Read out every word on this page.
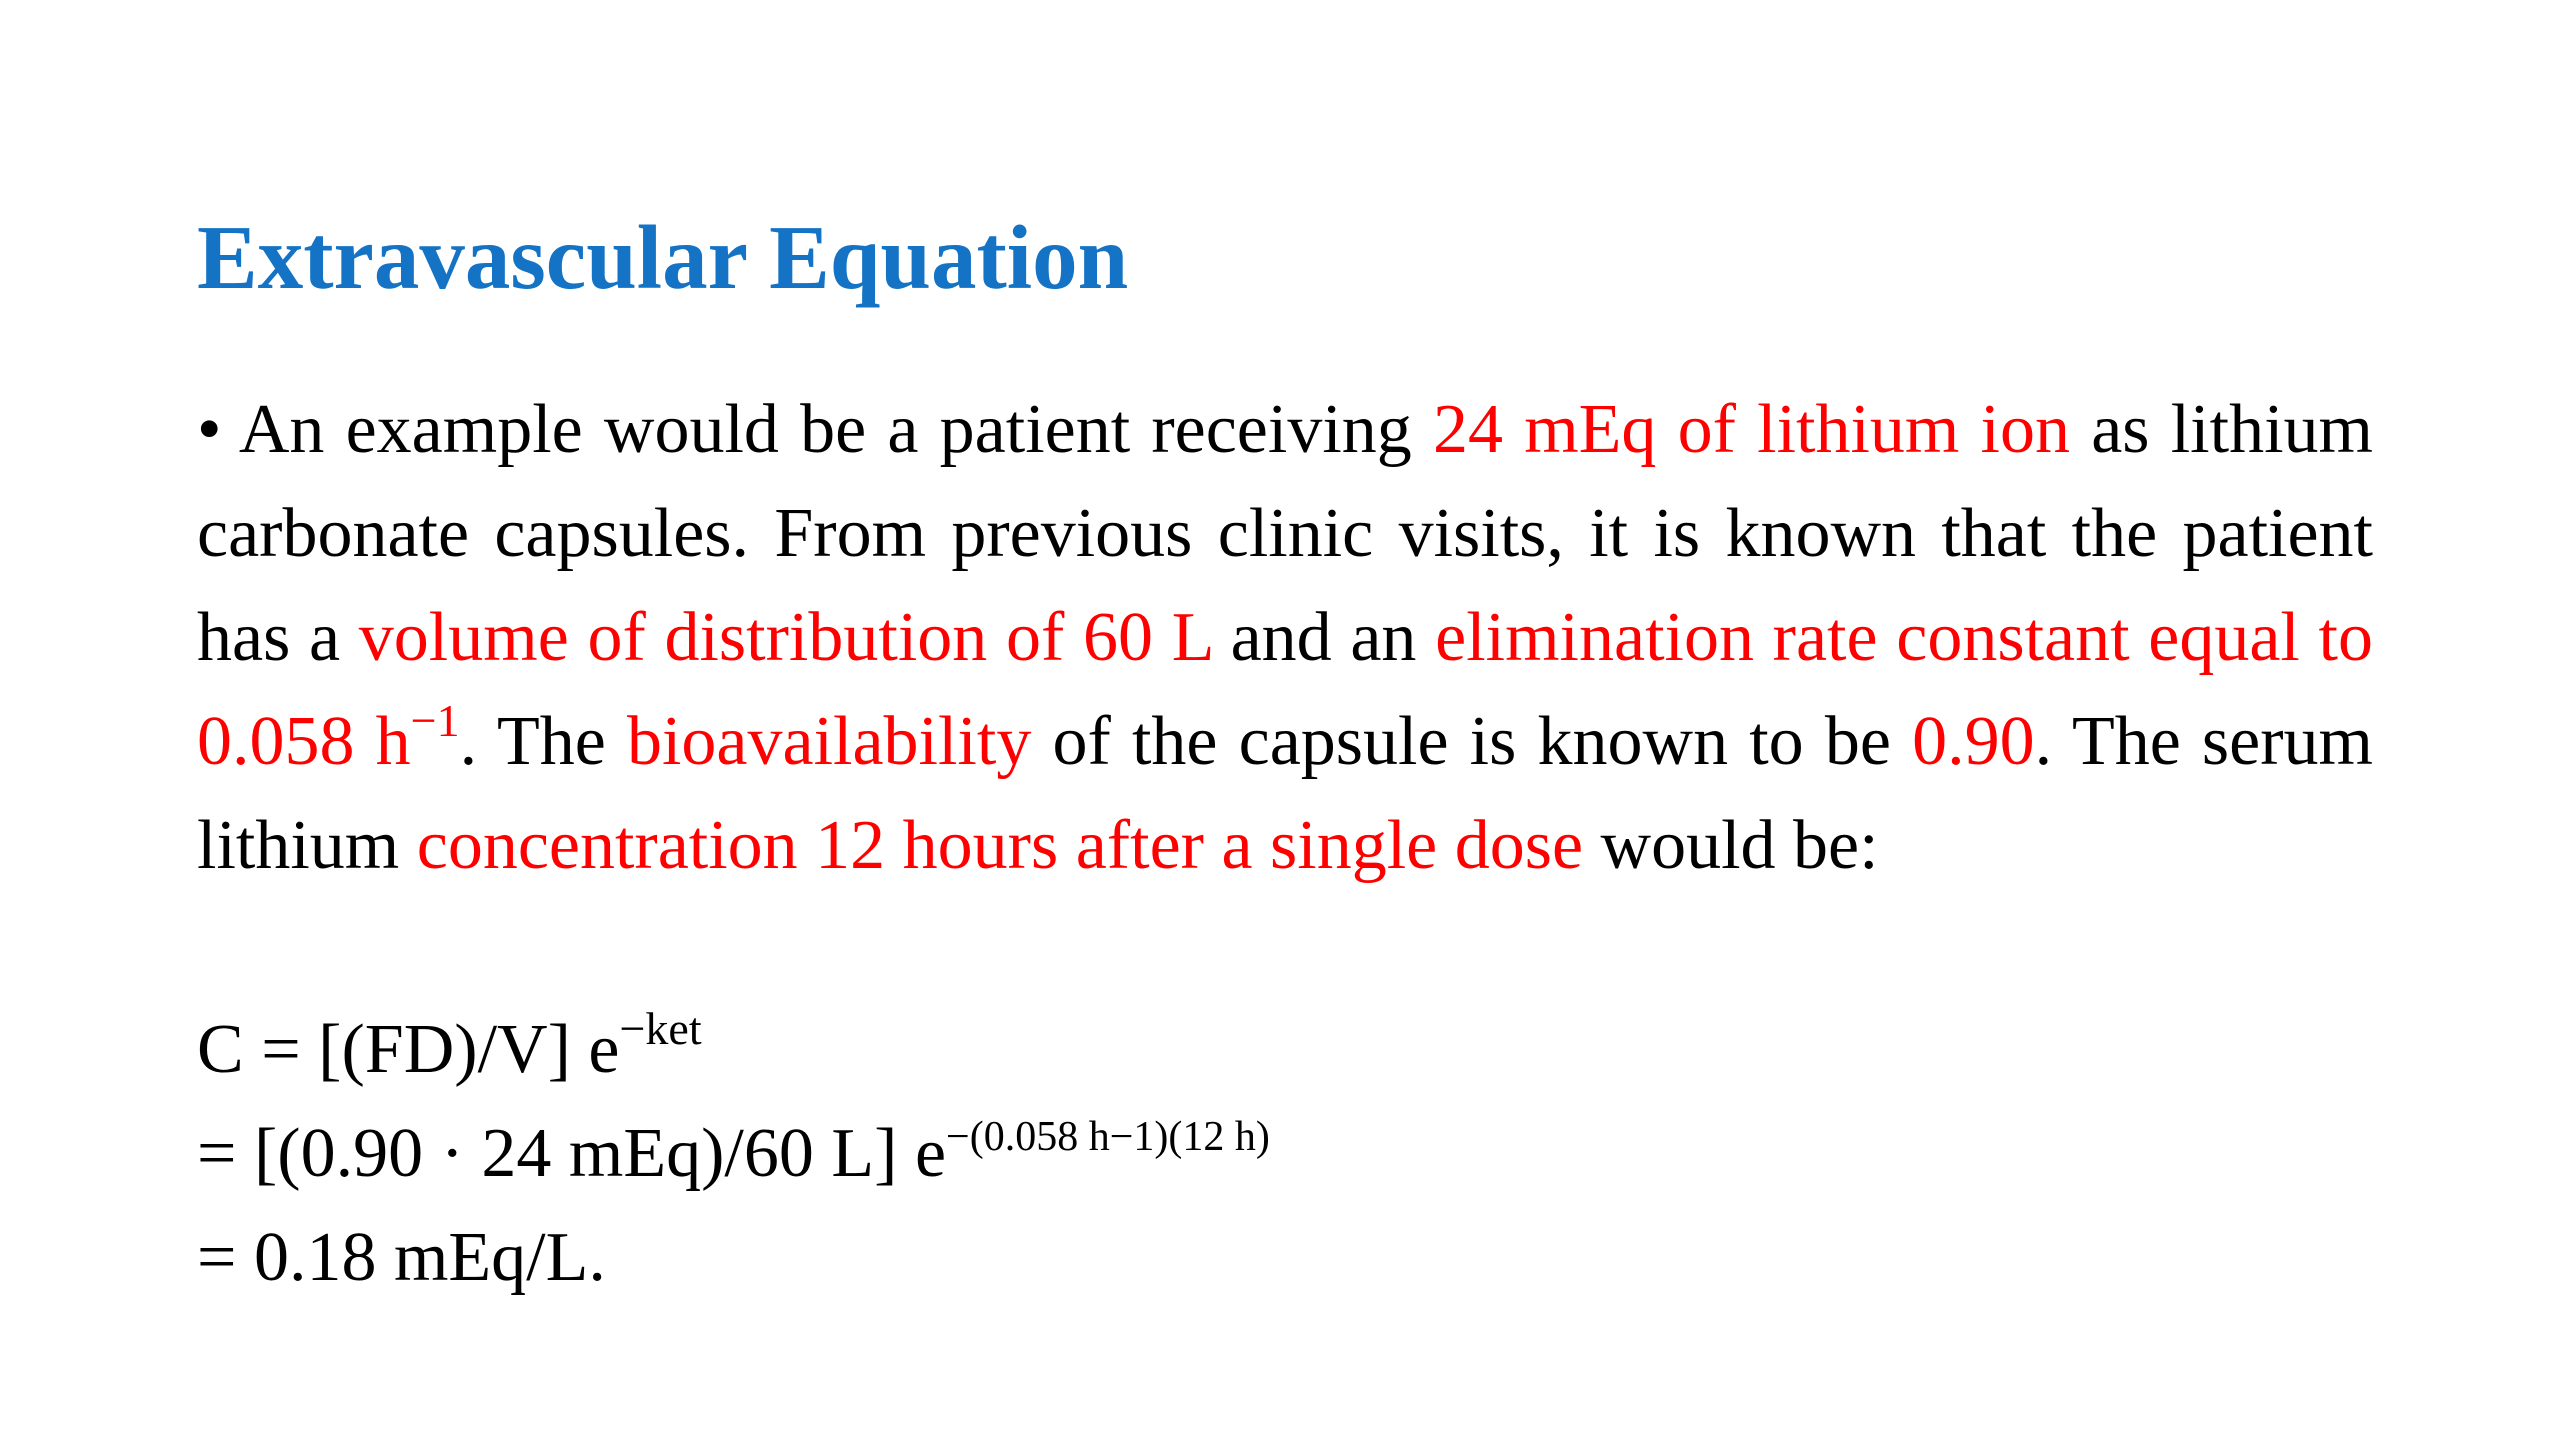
Extravascular Equation

• An example would be a patient receiving 24 mEq of lithium ion as lithium carbonate capsules. From previous clinic visits, it is known that the patient has a volume of distribution of 60 L and an elimination rate constant equal to 0.058 $h^{-1}$. The bioavailability of the capsule is known to be 0.90. The serum lithium concentration 12 hours after a single dose would be:

C = [(FD)/V] $e^{-ket}$

= [(0.90 · 24 mEq)/60 L] $e^{-(0.058 h-1)(12 h)}$

= 0.18 mEq/L.
